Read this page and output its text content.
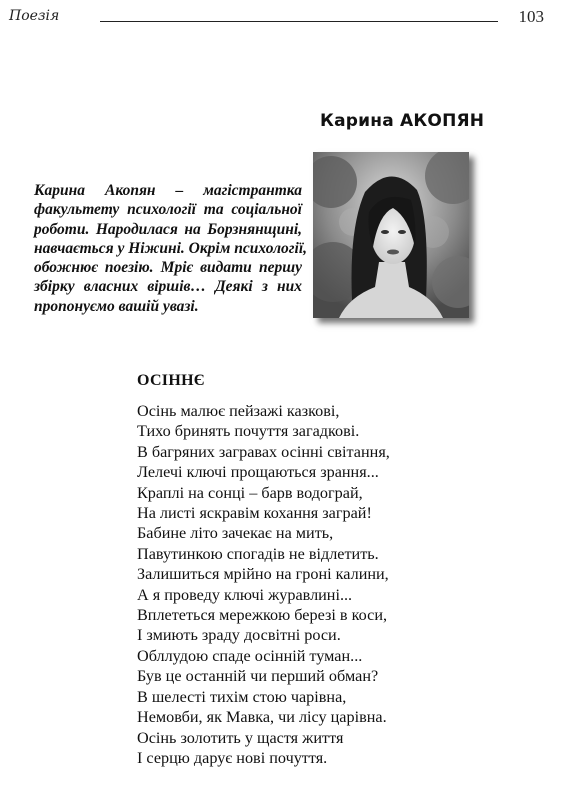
Поезія	103
Карина АКОПЯН
Карина Акопян – магістрантка
факультету психології та соціальної
роботи. Народилася на Борзнянщині,
навчається у Ніжині. Окрім психології,
обожнює поезію. Мріє видати першу
збірку власних віршів… Деякі з них
пропонуємо вашій увазі.
ОСІННЄ
Осінь малює пейзажі казкові,
Тихо бринять почуття загадкові.
В багряних загравах осінні світання,
Лелечі ключі прощаються зрання...
Краплі на сонці – барв водограй,
На листі яскравім кохання заграй!
Бабине літо зачекає на мить,
Павутинкою спогадів не відлетить.
Залишиться мрійно на гроні калини,
А я проведу ключі журавлині...
Вплететься мережкою березі в коси,
І змиють зраду досвітні роси.
Обллудою спаде осінній туман...
Був це останній чи перший обман?
В шелесті тихім стою чарівна,
Немовби, як Мавка, чи лісу царівна.
Осінь золотить у щастя життя
І серцю дарує нові почуття.
